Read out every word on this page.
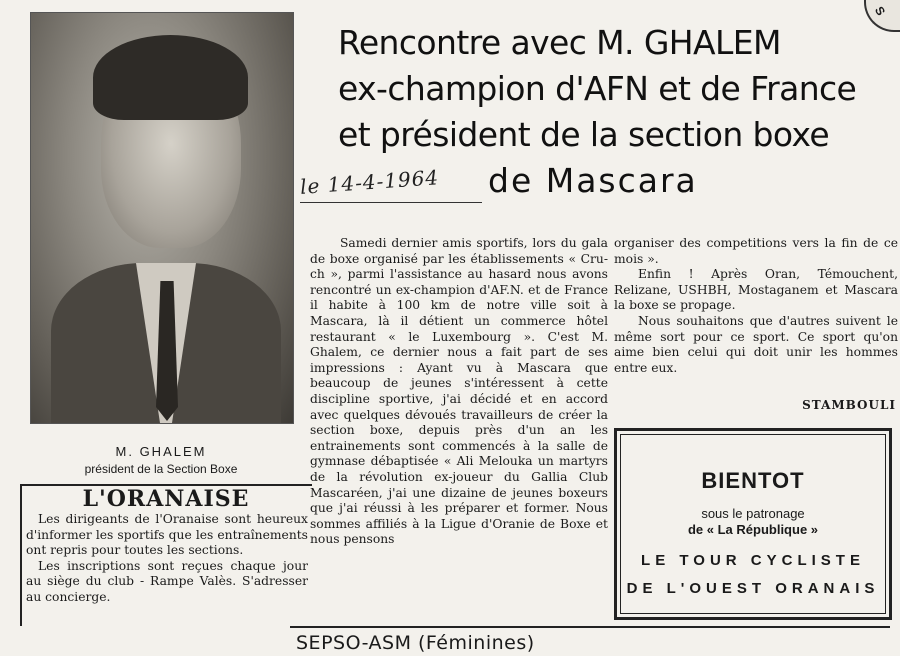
M. GHALEM
président de la Section Boxe
L'ORANAISE

Les dirigeants de l'Oranaise sont heureux d'informer les sportifs que les entraînements ont repris pour toutes les sections.

Les inscriptions sont reçues chaque jour au siège du club - Rampe Valès. S'adresser au concierge.

Rencontre avec M. GHALEM
ex-champion d'AFN et de France
et président de la section boxe
de Mascara
le 14-4-1964
Samedi dernier amis sportifs, lors du gala de boxe organisé par les établissements « Cru-ch », parmi l'assistance au hasard nous avons rencontré un ex-champion d'AF.N. et de France il habite à 100 km de notre ville soit à Mascara, là il détient un commerce hôtel restaurant « le Luxembourg ». C'est M. Ghalem, ce dernier nous a fait part de ses impressions : Ayant vu à Mascara que beaucoup de jeunes s'intéressent à cette discipline sportive, j'ai décidé et en accord avec quelques dévoués travailleurs de créer la section boxe, depuis près d'un an les entrainements sont commencés à la salle de gymnase débaptisée « Ali Melouka un martyrs de la révolution ex-joueur du Gallia Club Mascaréen, j'ai une dizaine de jeunes boxeurs que j'ai réussi à les préparer et former. Nous sommes affiliés à la Ligue d'Oranie de Boxe et nous pensons

organiser des competitions vers la fin de ce mois ».

Enfin ! Après Oran, Témouchent, Relizane, USHBH, Mostaganem et Mascara la boxe se propage.

Nous souhaitons que d'autres suivent le même sort pour ce sport. Ce sport qu'on aime bien celui qui doit unir les hommes entre eux.

STAMBOULI
BIENTOT
sous le patronage
de « La République »
LE TOUR CYCLISTE
DE L'OUEST ORANAIS
SEPSO-ASM (Féminines)
S
